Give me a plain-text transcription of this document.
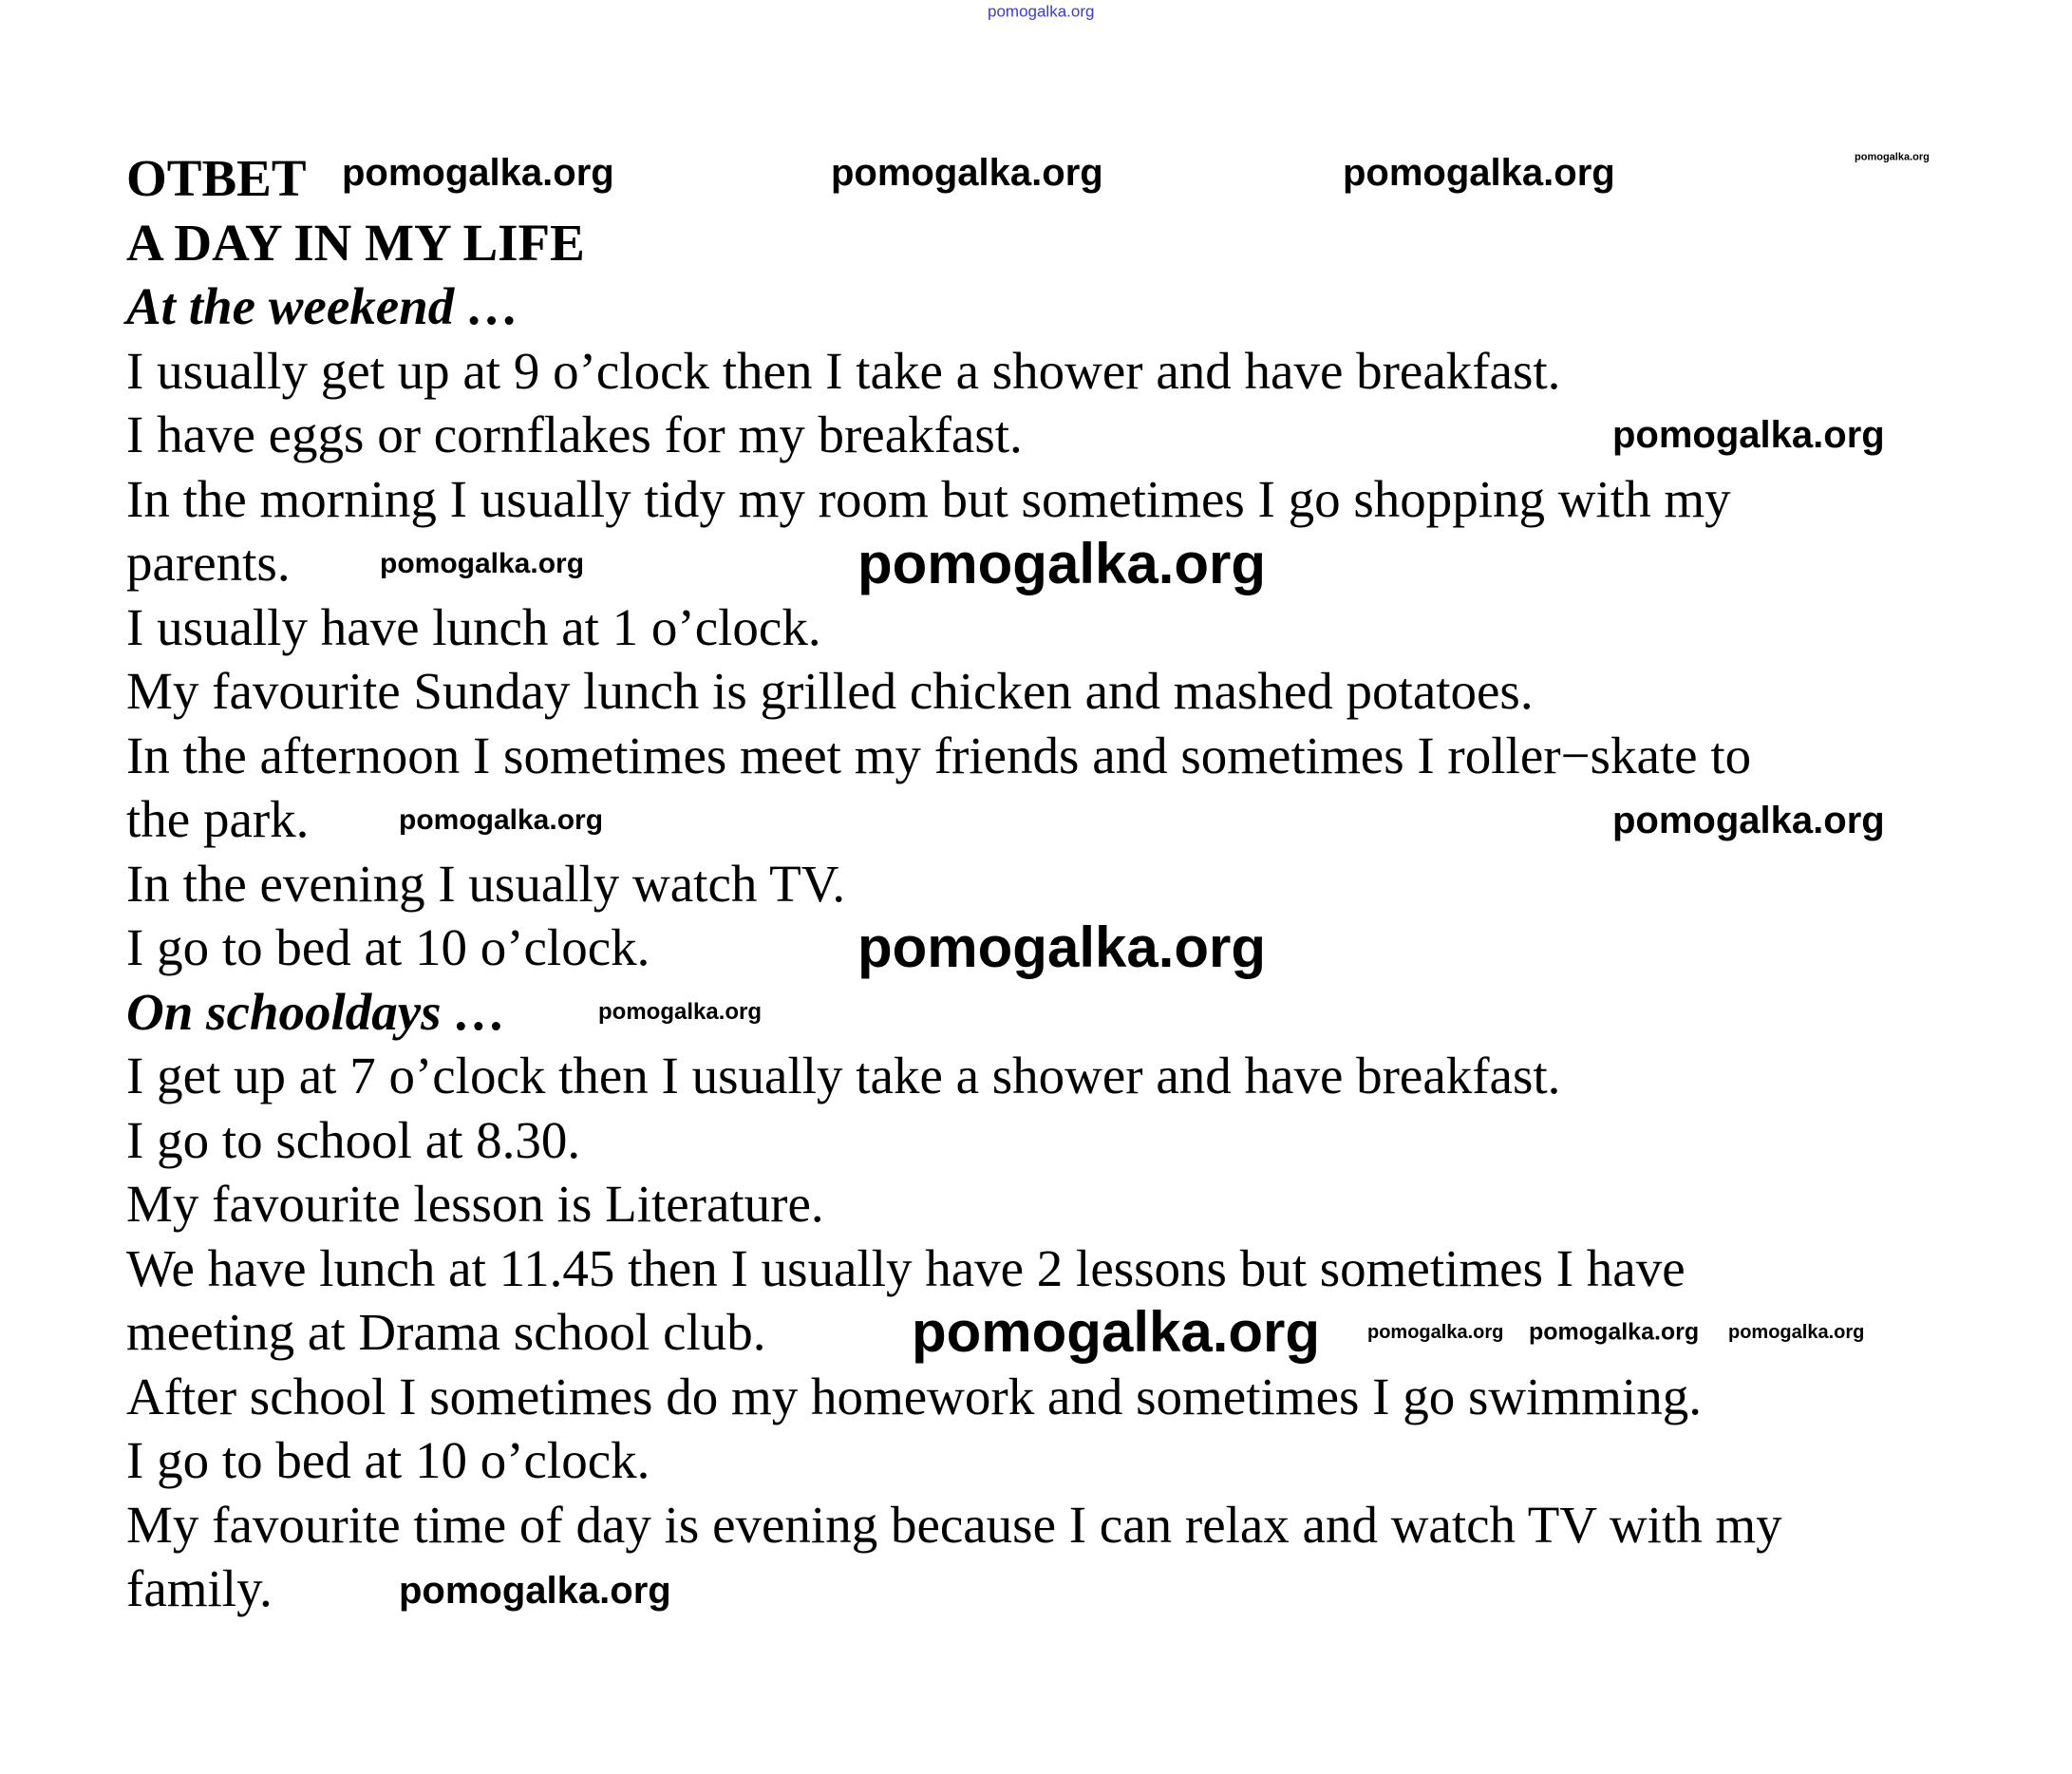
pomogalka.org
OTBET
A DAY IN MY LIFE
At the weekend …
I usually get up at 9 o’clock then I take a shower and have breakfast.
I have eggs or cornflakes for my breakfast.
In the morning I usually tidy my room but sometimes I go shopping with my
parents.
I usually have lunch at 1 o’clock.
My favourite Sunday lunch is grilled chicken and mashed potatoes.
In the afternoon I sometimes meet my friends and sometimes I roller−skate to
the park.
In the evening I usually watch TV.
I go to bed at 10 o’clock.
On schooldays …
I get up at 7 o’clock then I usually take a shower and have breakfast.
I go to school at 8.30.
My favourite lesson is Literature.
We have lunch at 11.45 then I usually have 2 lessons but sometimes I have
meeting at Drama school club.
After school I sometimes do my homework and sometimes I go swimming.
I go to bed at 10 o’clock.
My favourite time of day is evening because I can relax and watch TV with my
family.
pomogalka.org	pomogalka.org	pomogalka.org	pomogalka.org
pomogalka.org
pomogalka.org
pomogalka.org
pomogalka.org
pomogalka.org
pomogalka.org
pomogalka.org
pomogalka.org pomogalka.org pomogalka.org
pomogalka.org
pomogalka.org
